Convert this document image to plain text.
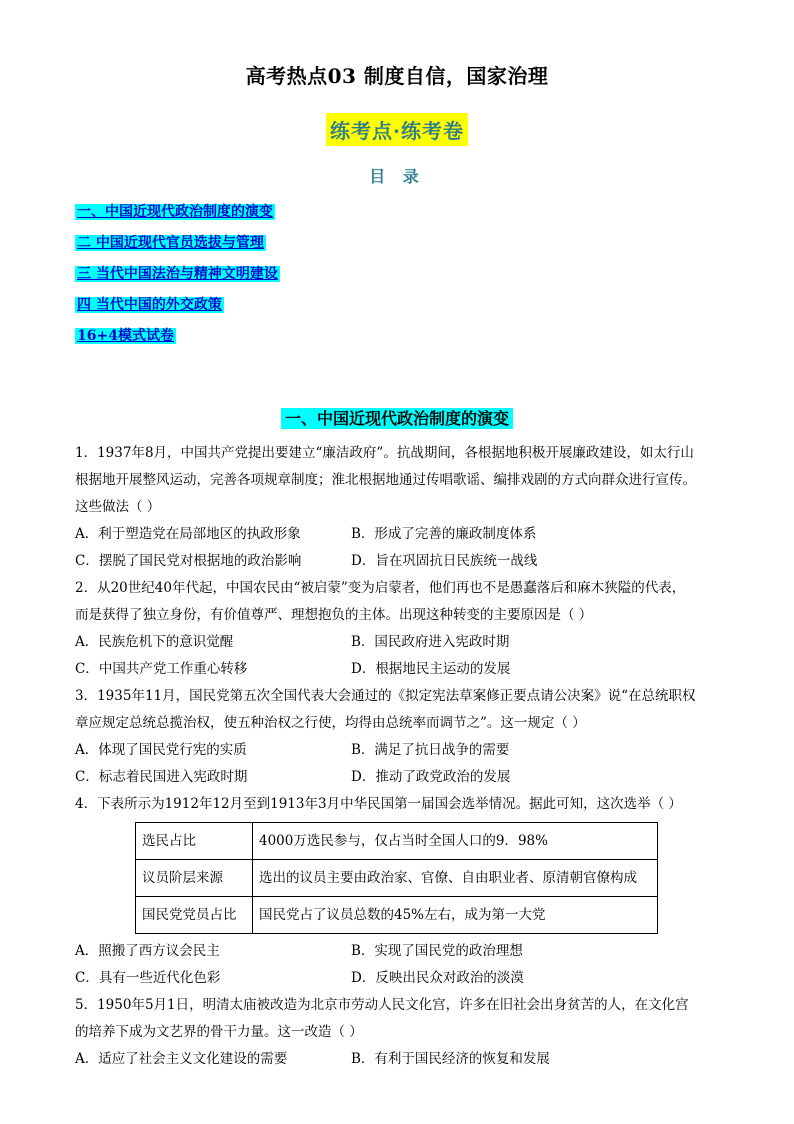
高考热点03 制度自信，国家治理
练考点·练考卷
目 录
一、中国近现代政治制度的演变
二 中国近现代官员选拔与管理
三 当代中国法治与精神文明建设
四 当代中国的外交政策
16+4模式试卷
一、中国近现代政治制度的演变

1．1937年8月，中国共产党提出要建立“廉洁政府”。抗战期间，各根据地积极开展廉政建设，如太行山

根据地开展整风运动，完善各项规章制度；淮北根据地通过传唱歌谣、编排戏剧的方式向群众进行宣传。

这些做法（ ）

A．利于塑造党在局部地区的执政形象	B．形成了完善的廉政制度体系
C．摆脱了国民党对根据地的政治影响	D．旨在巩固抗日民族统一战线

2．从20世纪40年代起，中国农民由“被启蒙”变为启蒙者，他们再也不是愚蠢落后和麻木狭隘的代表，

而是获得了独立身份，有价值尊严、理想抱负的主体。出现这种转变的主要原因是（ ）

A．民族危机下的意识觉醒	B．国民政府进入宪政时期
C．中国共产党工作重心转移	D．根据地民主运动的发展

3．1935年11月，国民党第五次全国代表大会通过的《拟定宪法草案修正要点请公决案》说“在总统职权

章应规定总统总揽治权，使五种治权之行使，均得由总统率而调节之”。这一规定（ ）

A．体现了国民党行宪的实质	B．满足了抗日战争的需要
C．标志着民国进入宪政时期	D．推动了政党政治的发展

4．下表所示为1912年12月至到1913年3月中华民国第一届国会选举情况。据此可知，这次选举（ ）

选民占比	4000万选民参与，仅占当时全国人口的9．98%
议员阶层来源	选出的议员主要由政治家、官僚、自由职业者、原清朝官僚构成
国民党党员占比	国民党占了议员总数的45%左右，成为第一大党
A．照搬了西方议会民主	B．实现了国民党的政治理想
C．具有一些近代化色彩	D．反映出民众对政治的淡漠

5．1950年5月1日，明清太庙被改造为北京市劳动人民文化宫，许多在旧社会出身贫苦的人，在文化宫

的培养下成为文艺界的骨干力量。这一改造（ ）

A．适应了社会主义文化建设的需要	B．有利于国民经济的恢复和发展
